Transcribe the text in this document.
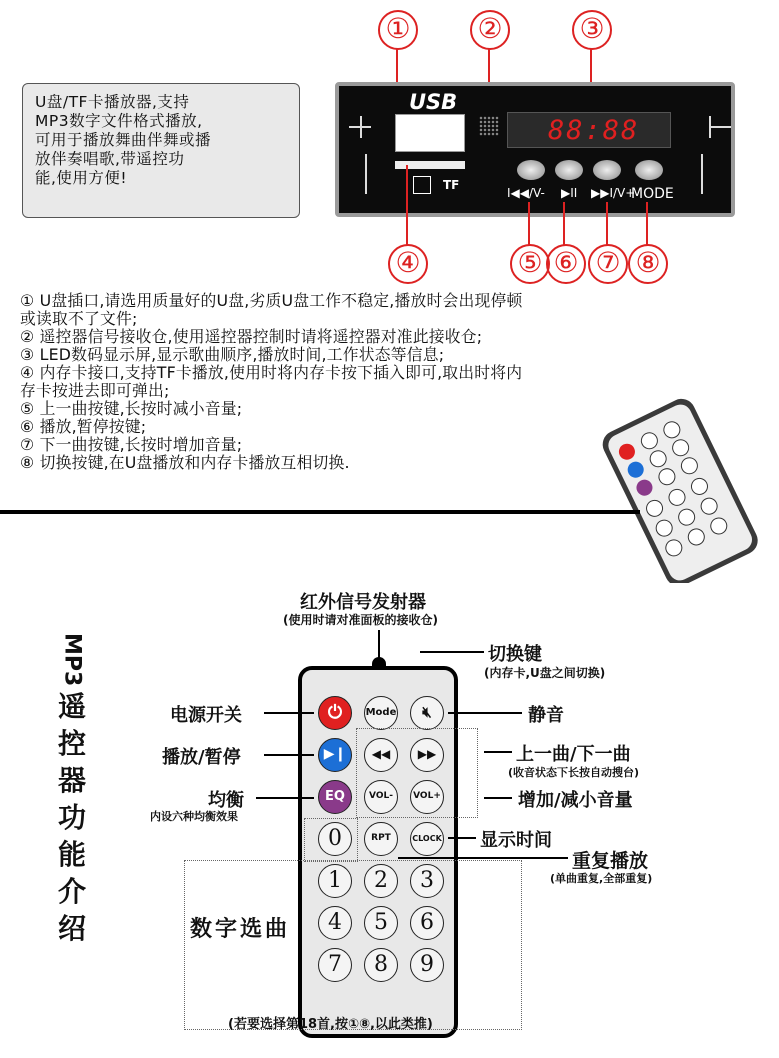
① ②	③
U盘/TF卡播放器,支持
MP3数字文件格式播放,
可用于播放舞曲伴舞或播
放伴奏唱歌,带遥控功
能,使用方便!
USB
88:88
TF
I◀◀/V- ▶II ▶▶I/V+
MODE
④	⑤ ⑥ ⑦ ⑧
① U盘插口,请选用质量好的U盘,劣质U盘工作不稳定,播放时会出现停顿
或读取不了文件;
② 遥控器信号接收仓,使用遥控器控制时请将遥控器对准此接收仓;
③ LED数码显示屏,显示歌曲顺序,播放时间,工作状态等信息;
④ 内存卡接口,支持TF卡播放,使用时将内存卡按下插入即可,取出时将内
存卡按进去即可弹出;
⑤ 上一曲按键,长按时减小音量;
⑥ 播放,暂停按键;
⑦ 下一曲按键,长按时增加音量;
⑧ 切换按键,在U盘播放和内存卡播放互相切换.
MP3
遥
控
器
功
能
介
绍
红外信号发射器
(使用时请对准面板的接收仓)
⏻	Mode	🔇︎
▶❙	◀◀	▶▶
EQ	VOL-	VOL+
0	RPT	CLOCK
1	2	3
4	5	6
7	8	9
电源开关
播放/暂停
均衡
内设六种均衡效果
数字选曲
切换键
(内存卡,U盘之间切换)
静音
上一曲/下一曲
(收音状态下长按自动搜台)
增加/减小音量
显示时间
重复播放
(单曲重复,全部重复)
(若要选择第18首,按①⑧,以此类推)
